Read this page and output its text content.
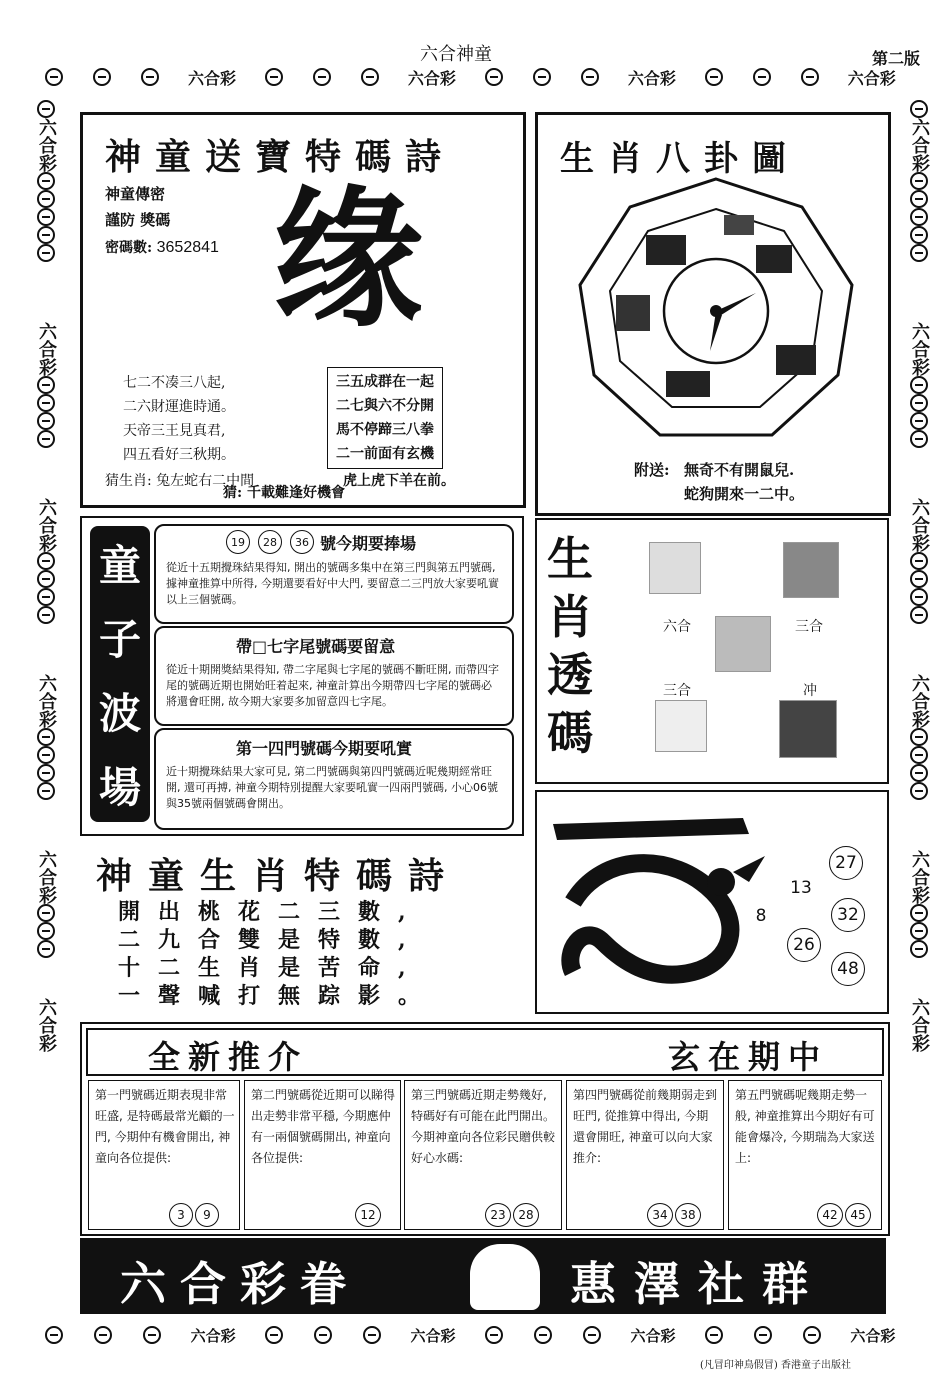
六合神童	第二版
六合彩	六合彩	六合彩	六合彩
六合彩
六合彩
六合彩
六合彩
六合彩
六合彩
六合彩
六合彩
六合彩
六合彩
六合彩
六合彩
神童送寶特碼詩
神童傳密
謹防 獎碼
密碼數: 3652841 缘
七二不凑三八起,
二六財運進時通。
天帝三王見真君,
四五看好三秋期。
三五成群在一起
二七與六不分開
馬不停蹄三八拳
二一前面有玄機
猜生肖: 兔左蛇右二中間	虎上虎下羊在前。
猜: 千載難逢好機會
生肖八卦圖
附送: 無奇不有開鼠兒.
蛇狗開來一二中。
童
子
波
場
19	28	36 號今期要捧場
從近十五期攪珠結果得知, 開出的號碼多集中在第三門與第五門號碼, 據神童推算中所得, 今期還要看好中大門, 要留意二三門放大家要吼實以上三個號碼。
帶□七字尾號碼要留意
從近十期開獎結果得知, 帶二字尾與七字尾的號碼不斷旺開, 而帶四字尾的號碼近期也開始旺着起來, 神童計算出今期帶四七字尾的號碼必將還會旺開, 故今期大家要多加留意四七字尾。
第一四門號碼今期要吼實
近十期攪珠結果大家可見, 第二門號碼與第四門號碼近呢幾期經常旺開, 還可再搏, 神童今期特別提醒大家要吼實一四兩門號碼, 小心06號與35號兩個號碼會開出。
生
肖
透
碼
六合	三合
三合	冲
27
13
8	32
26
48
神童生肖特碼詩
開出桃花二三數,
二九合雙是特數,
十二生肖是苦命,
一聲喊打無踪影。
全新推介	玄在期中
第一門號碼近期表現非常旺盛, 是特碼最常光顧的一門, 今期仲有機會開出, 神童向各位提供:
3	9
第二門號碼從近期可以睇得出走勢非常平穩, 今期應仲有一兩個號碼開出, 神童向各位提供:
12
第三門號碼近期走勢幾好, 特碼好有可能在此門開出。今期神童向各位彩民贈供較好心水碼:
23	28
第四門號碼從前幾期弱走到旺門, 從推算中得出, 今期還會開旺, 神童可以向大家推介:
34	38
第五門號碼呢幾期走勢一般, 神童推算出今期好有可能會爆冷, 今期瑞為大家送上:
42	45
六合彩眷	惠澤社群
六合彩	六合彩	六合彩	六合彩
(凡冒印神鳥假冒) 香港童子出版社
